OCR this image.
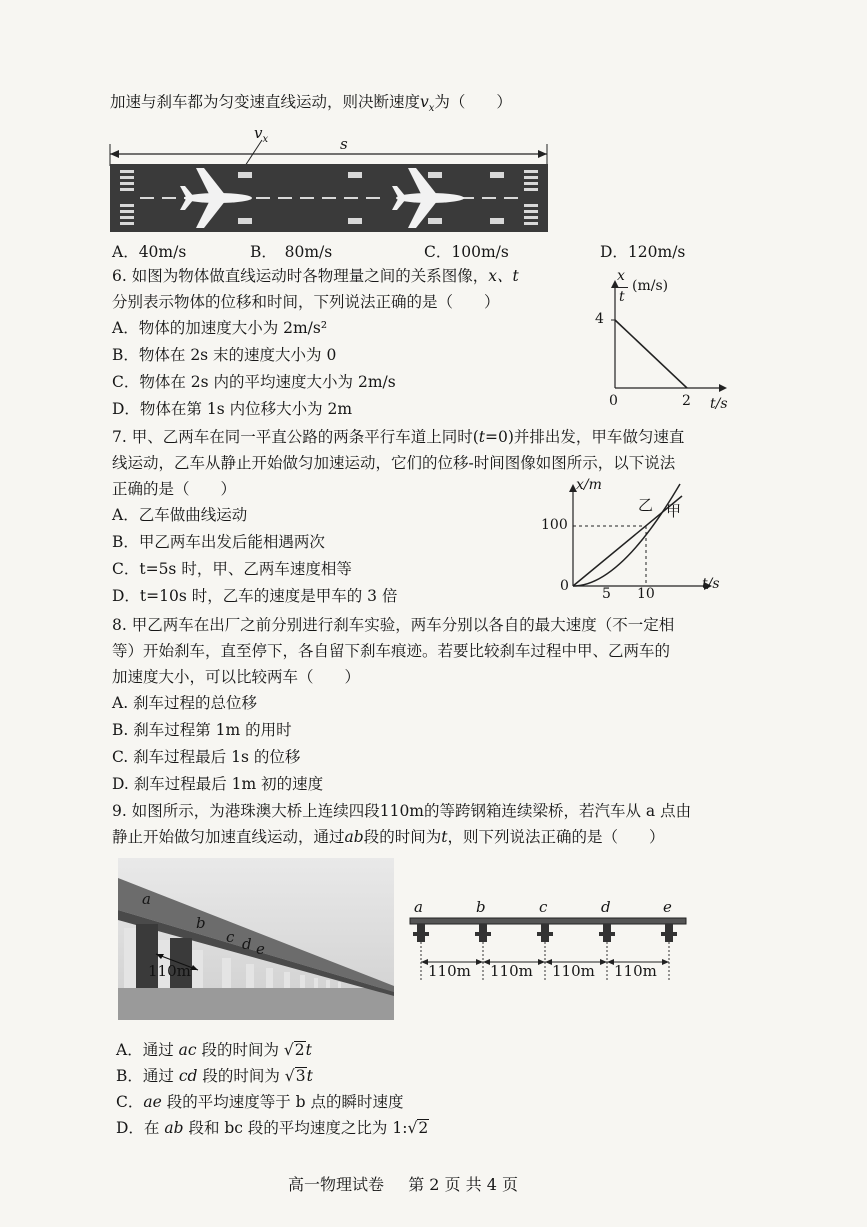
加速与刹车都为匀变速直线运动，则决断速度$v_x$为（　　）
$v_x$	s
A．40m/s	B．　80m/s	C．100m/s	D．120m/s
6. 如图为物体做直线运动时各物理量之间的关系图像，x、t
分别表示物体的位移和时间，下列说法正确的是（　　）
A．物体的加速度大小为 2m/s²
B．物体在 2s 末的速度大小为 0
C．物体在 2s 内的平均速度大小为 2m/s
D．物体在第 1s 内位移大小为 2m
x
t
(m/s)
4
0	2 t/s
7. 甲、乙两车在同一平直公路的两条平行车道上同时(t=0)并排出发，甲车做匀速直
线运动，乙车从静止开始做匀加速运动，它们的位移-时间图像如图所示，以下说法
正确的是（　　）
A．乙车做曲线运动
B．甲乙两车出发后能相遇两次
C．t=5s 时，甲、乙两车速度相等
D．t=10s 时，乙车的速度是甲车的 3 倍
x/m
100
0 5 10
t/s
乙 甲
8. 甲乙两车在出厂之前分别进行刹车实验，两车分别以各自的最大速度（不一定相
等）开始刹车，直至停下，各自留下刹车痕迹。若要比较刹车过程中甲、乙两车的
加速度大小，可以比较两车（　　）
A. 刹车过程的总位移
B. 刹车过程第 1m 的用时
C. 刹车过程最后 1s 的位移
D. 刹车过程最后 1m 初的速度
9. 如图所示，为港珠澳大桥上连续四段110m的等跨钢箱连续梁桥，若汽车从 a 点由
静止开始做匀加速直线运动，通过ab段的时间为t，则下列说法正确的是（　　）
a
b
c d e
110m
a	b	c	d	e
110m 110m 110m 110m
A．通过 ac 段的时间为 √2t
B．通过 cd 段的时间为 √3t
C．ae 段的平均速度等于 b 点的瞬时速度
D．在 ab 段和 bc 段的平均速度之比为 1:√2
高一物理试卷 第 2 页 共 4 页
